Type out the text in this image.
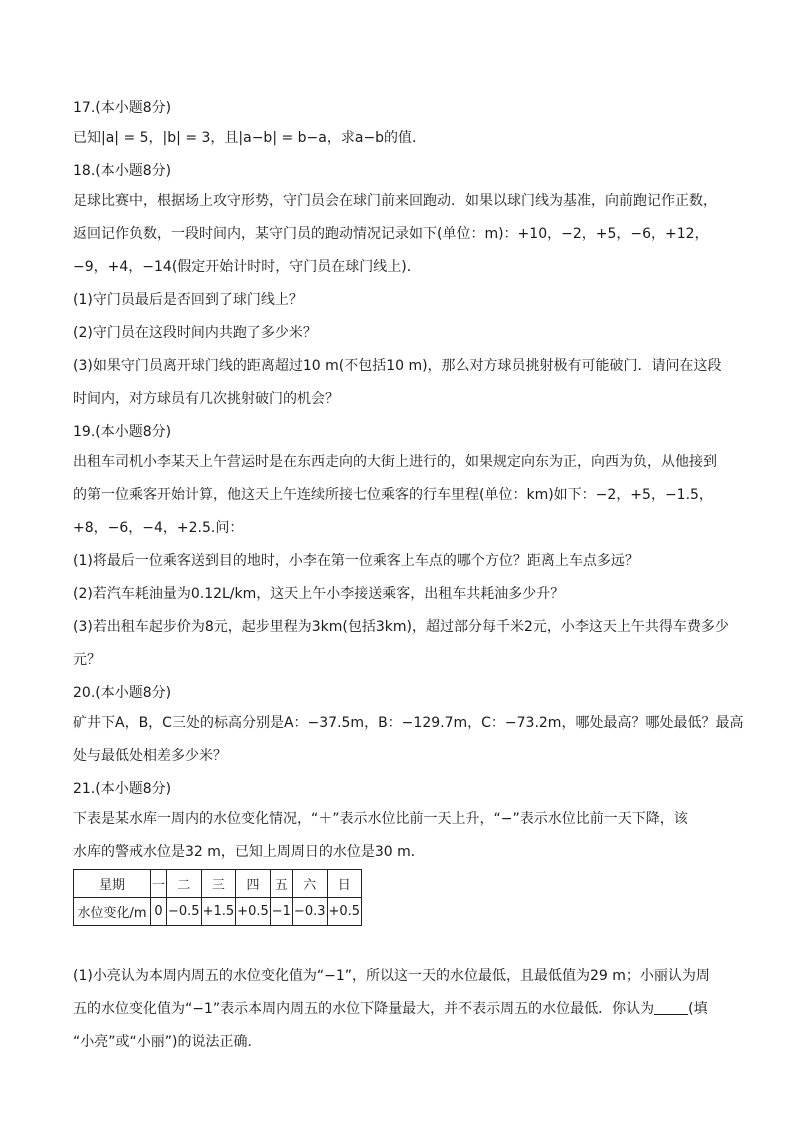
17.(本小题8分)

已知|a| = 5，|b| = 3，且|a−b| = b−a，求a−b的值．

18.(本小题8分)

足球比赛中，根据场上攻守形势，守门员会在球门前来回跑动．如果以球门线为基准，向前跑记作正数，

返回记作负数，一段时间内，某守门员的跑动情况记录如下(单位：m)：+10，−2，+5，−6，+12，

−9，+4，−14(假定开始计时时，守门员在球门线上)．

(1)守门员最后是否回到了球门线上？

(2)守门员在这段时间内共跑了多少米？

(3)如果守门员离开球门线的距离超过10 m(不包括10 m)，那么对方球员挑射极有可能破门．请问在这段

时间内，对方球员有几次挑射破门的机会？

19.(本小题8分)

出租车司机小李某天上午营运时是在东西走向的大街上进行的，如果规定向东为正，向西为负，从他接到

的第一位乘客开始计算，他这天上午连续所接七位乘客的行车里程(单位：km)如下：−2，+5，−1.5，

+8，−6，−4，+2.5.问：

(1)将最后一位乘客送到目的地时，小李在第一位乘客上车点的哪个方位？距离上车点多远？

(2)若汽车耗油量为0.12L/km，这天上午小李接送乘客，出租车共耗油多少升？

(3)若出租车起步价为8元，起步里程为3km(包括3km)，超过部分每千米2元，小李这天上午共得车费多少

元？

20.(本小题8分)

矿井下A，B，C三处的标高分别是A：−37.5m，B：−129.7m，C：−73.2m，哪处最高？哪处最低？最高

处与最低处相差多少米？

21.(本小题8分)

下表是某水库一周内的水位变化情况，“＋”表示水位比前一天上升，“−”表示水位比前一天下降，该

水库的警戒水位是32 m，已知上周周日的水位是30 m．

星期	一	二	三	四	五	六	日
水位变化/m	0	−0.5	+1.5	+0.5	−1	−0.3	+0.5

(1)小亮认为本周内周五的水位变化值为“−1”，所以这一天的水位最低，且最低值为29 m；小丽认为周

五的水位变化值为“−1”表示本周内周五的水位下降量最大，并不表示周五的水位最低．你认为 (填

“小亮”或“小丽”)的说法正确．
